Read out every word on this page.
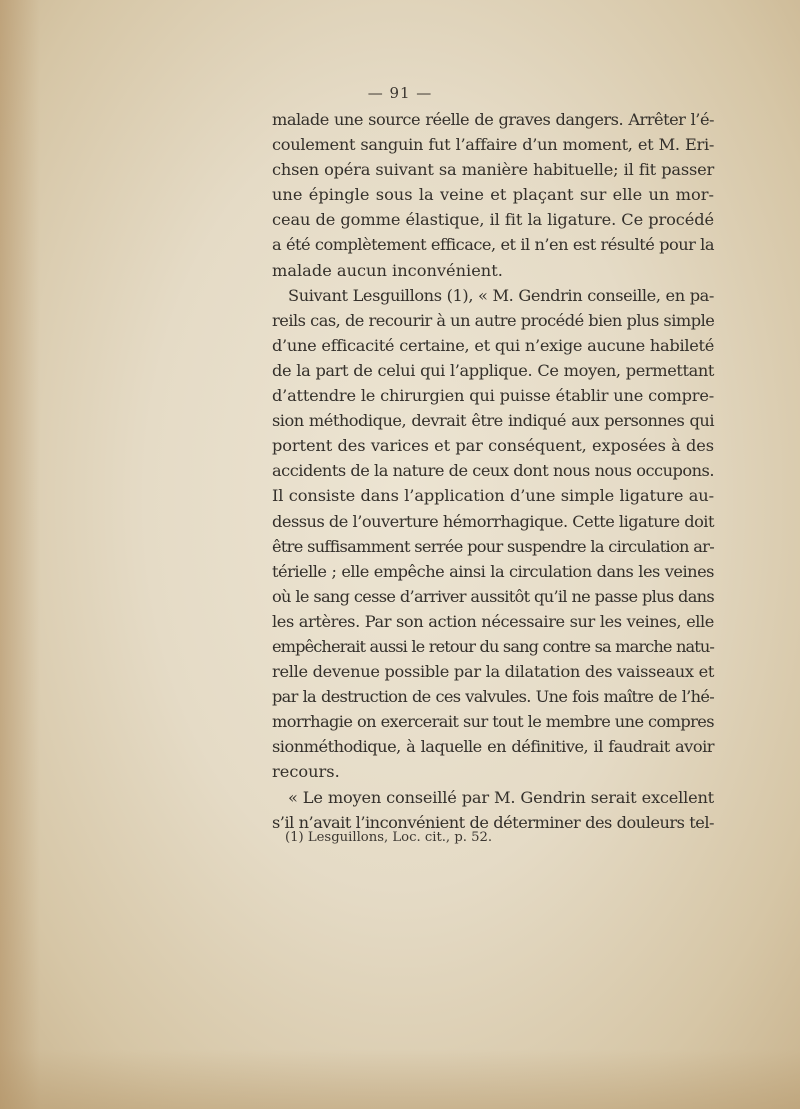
— 91 —
malade une source réelle de graves dangers. Arrêter l’é-
coulement sanguin fut l’affaire d’un moment, et M. Eri-
chsen opéra suivant sa manière habituelle; il fit passer
une épingle sous la veine et plaçant sur elle un mor-
ceau de gomme élastique, il fit la ligature. Ce procédé
a été complètement efficace, et il n’en est résulté pour la
malade aucun inconvénient.
Suivant Lesguillons (1), « M. Gendrin conseille, en pa-
reils cas, de recourir à un autre procédé bien plus simple
d’une efficacité certaine, et qui n’exige aucune habileté
de la part de celui qui l’applique. Ce moyen, permettant
d’attendre le chirurgien qui puisse établir une compre-
sion méthodique, devrait être indiqué aux personnes qui
portent des varices et par conséquent, exposées à des
accidents de la nature de ceux dont nous nous occupons.
Il consiste dans l’application d’une simple ligature au-
dessus de l’ouverture hémorrhagique. Cette ligature doit
être suffisamment serrée pour suspendre la circulation ar-
térielle ; elle empêche ainsi la circulation dans les veines
où le sang cesse d’arriver aussitôt qu’il ne passe plus dans
les artères. Par son action nécessaire sur les veines, elle
empêcherait aussi le retour du sang contre sa marche natu-
relle devenue possible par la dilatation des vaisseaux et
par la destruction de ces valvules. Une fois maître de l’hé-
morrhagie on exercerait sur tout le membre une compres
sionméthodique, à laquelle en définitive, il faudrait avoir
recours.
« Le moyen conseillé par M. Gendrin serait excellent
s’il n’avait l’inconvénient de déterminer des douleurs tel-
(1) Lesguillons, Loc. cit., p. 52.
